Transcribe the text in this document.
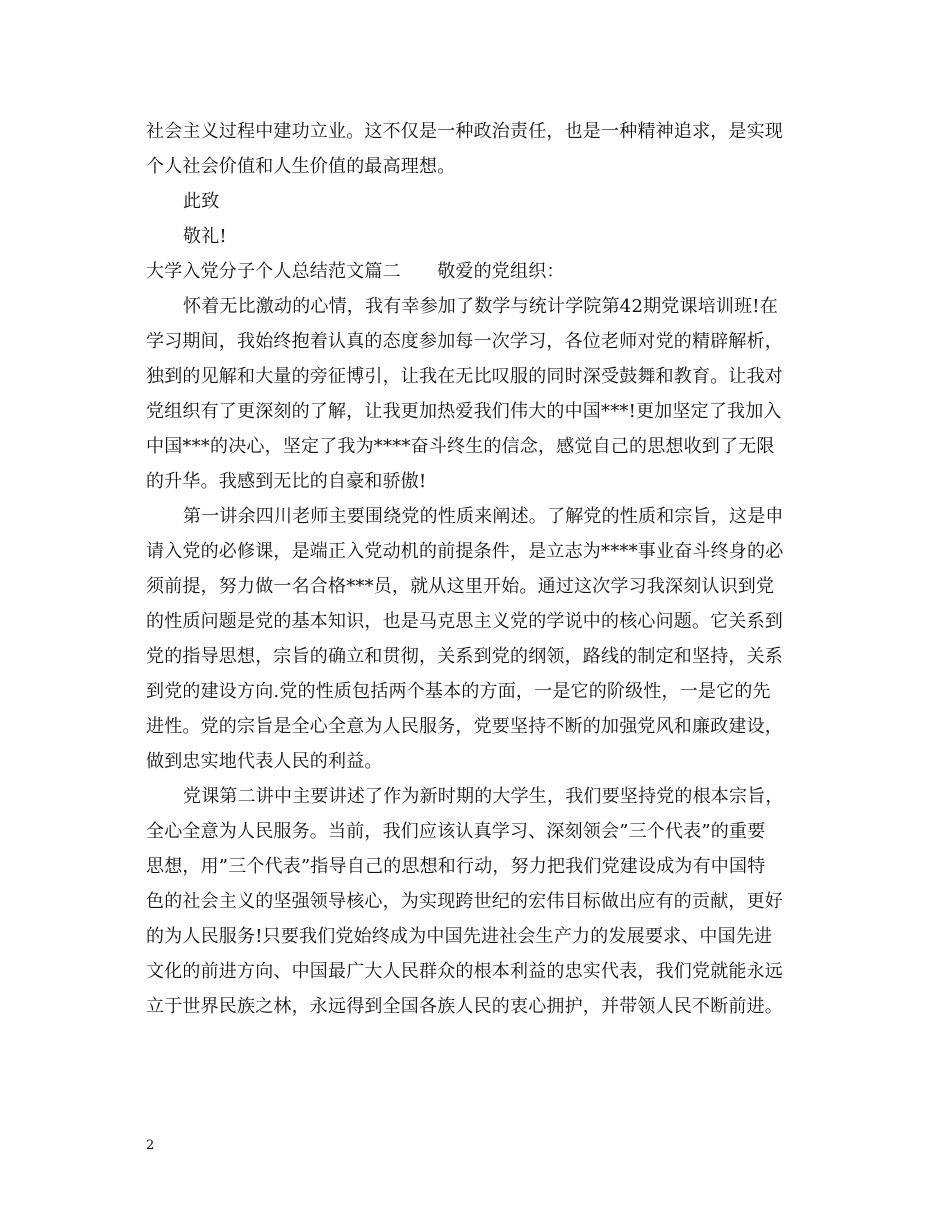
社会主义过程中建功立业。这不仅是一种政治责任，也是一种精神追求，是实现
个人社会价值和人生价值的最高理想。
此致
敬礼!
大学入党分子个人总结范文篇二　　敬爱的党组织：
怀着无比激动的心情，我有幸参加了数学与统计学院第42期党课培训班!在
学习期间，我始终抱着认真的态度参加每一次学习，各位老师对党的精辟解析，
独到的见解和大量的旁征博引，让我在无比叹服的同时深受鼓舞和教育。让我对
党组织有了更深刻的了解，让我更加热爱我们伟大的中国***!更加坚定了我加入
中国***的决心，坚定了我为****奋斗终生的信念，感觉自己的思想收到了无限
的升华。我感到无比的自豪和骄傲!
第一讲余四川老师主要围绕党的性质来阐述。了解党的性质和宗旨，这是申
请入党的必修课，是端正入党动机的前提条件，是立志为****事业奋斗终身的必
须前提，努力做一名合格***员，就从这里开始。通过这次学习我深刻认识到党
的性质问题是党的基本知识，也是马克思主义党的学说中的核心问题。它关系到
党的指导思想，宗旨的确立和贯彻，关系到党的纲领，路线的制定和坚持，关系
到党的建设方向.党的性质包括两个基本的方面，一是它的阶级性，一是它的先
进性。党的宗旨是全心全意为人民服务，党要坚持不断的加强党风和廉政建设，
做到忠实地代表人民的利益。
党课第二讲中主要讲述了作为新时期的大学生，我们要坚持党的根本宗旨，
全心全意为人民服务。当前，我们应该认真学习、深刻领会”三个代表”的重要
思想，用”三个代表”指导自己的思想和行动，努力把我们党建设成为有中国特
色的社会主义的坚强领导核心，为实现跨世纪的宏伟目标做出应有的贡献，更好
的为人民服务!只要我们党始终成为中国先进社会生产力的发展要求、中国先进
文化的前进方向、中国最广大人民群众的根本利益的忠实代表，我们党就能永远
立于世界民族之林，永远得到全国各族人民的衷心拥护，并带领人民不断前进。
2
